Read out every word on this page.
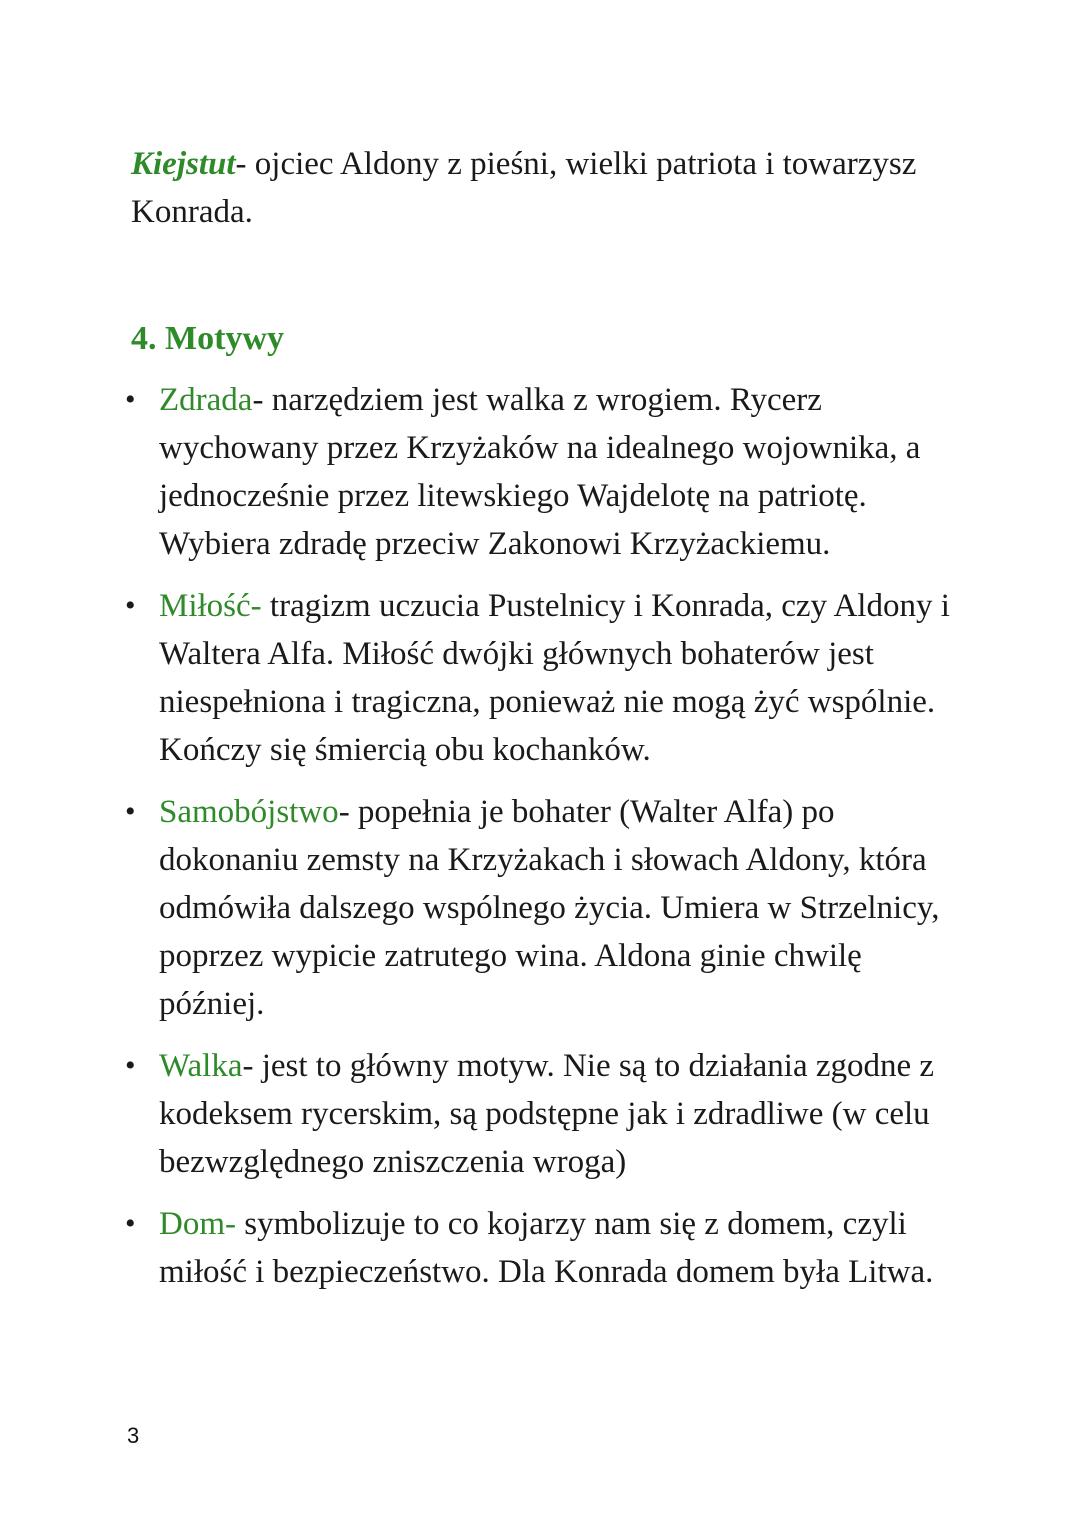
Kiejstut- ojciec Aldony z pieśni, wielki patriota i towarzysz Konrada.

4. Motywy
• Zdrada- narzędziem jest walka z wrogiem. Rycerz wychowany przez Krzyżaków na idealnego wojownika, a jednocześnie przez litewskiego Wajdelotę na patriotę. Wybiera zdradę przeciw Zakonowi Krzyżackiemu.
• Miłość- tragizm uczucia Pustelnicy i Konrada, czy Aldony i Waltera Alfa. Miłość dwójki głównych bohaterów jest niespełniona i tragiczna, ponieważ nie mogą żyć wspólnie. Kończy się śmiercią obu kochanków.
• Samobójstwo- popełnia je bohater (Walter Alfa) po dokonaniu zemsty na Krzyżakach i słowach Aldony, która odmówiła dalszego wspólnego życia. Umiera w Strzelnicy, poprzez wypicie zatrutego wina. Aldona ginie chwilę później.
• Walka- jest to główny motyw. Nie są to działania zgodne z kodeksem rycerskim, są podstępne jak i zdradliwe (w celu bezwzględnego zniszczenia wroga)
• Dom- symbolizuje to co kojarzy nam się z domem, czyli miłość i bezpieczeństwo. Dla Konrada domem była Litwa.
3
